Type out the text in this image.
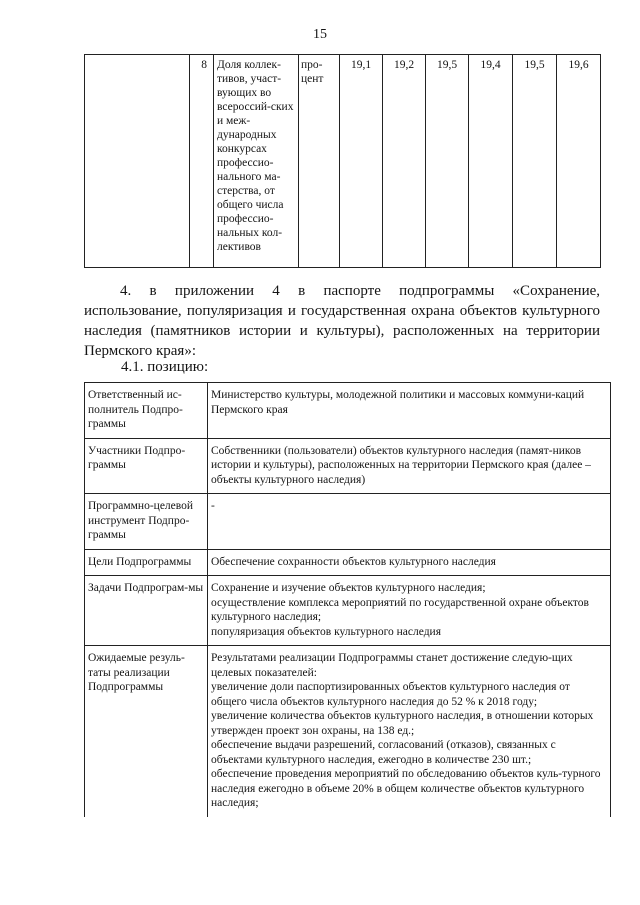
15
	8	Доля коллек-тивов, участ-вующих во всероссий-ских и меж-дународных конкурсах профессио-нального ма-стерства, от общего числа профессио-нальных кол-лективов	про-цент	19,1	19,2	19,5	19,4	19,5	19,6

4. в приложении 4 в паспорте подпрограммы «Сохранение,

использование, популяризация и государственная охрана объектов культурного наследия (памятников истории и культуры), расположенных на территории Пермского края»:

4.1. позицию:
Ответственный ис-полнитель Подпро-граммы	Министерство культуры, молодежной политики и массовых коммуни-каций Пермского края

Участники Подпро-граммы	Собственники (пользователи) объектов культурного наследия (памят-ников истории и культуры), расположенных на территории Пермского края (далее – объекты культурного наследия)

Программно-целевой инструмент Подпро-граммы	-

Цели Подпрограммы	Обеспечение сохранности объектов культурного наследия

Задачи Подпрограм-мы	Сохранение и изучение объектов культурного наследия;
осуществление комплекса мероприятий по государственной охране объектов культурного наследия;
популяризация объектов культурного наследия

Ожидаемые резуль-таты реализации Подпрограммы	Результатами реализации Подпрограммы станет достижение следую-щих целевых показателей:
увеличение доли паспортизированных объектов культурного наследия от общего числа объектов культурного наследия до 52 % к 2018 году;
увеличение количества объектов культурного наследия, в отношении которых утвержден проект зон охраны, на 138 ед.;
обеспечение выдачи разрешений, согласований (отказов), связанных с объектами культурного наследия, ежегодно в количестве 230 шт.;
обеспечение проведения мероприятий по обследованию объектов куль-турного наследия ежегодно в объеме 20% в общем количестве объектов культурного наследия;
